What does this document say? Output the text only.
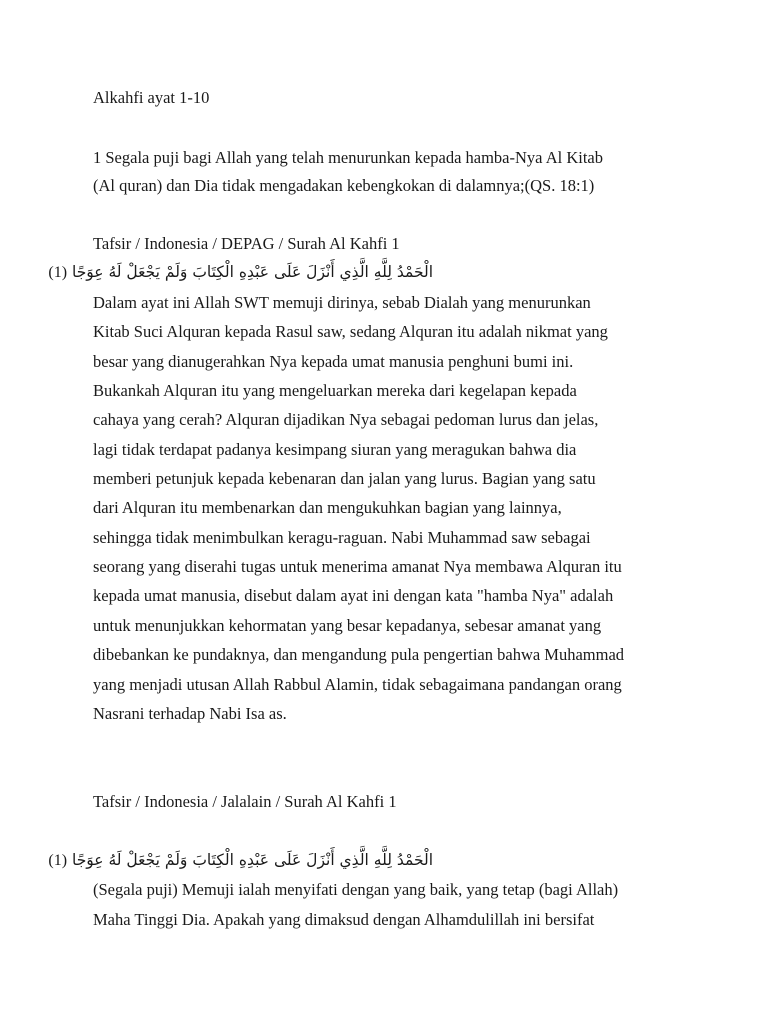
Alkahfi ayat 1-10
1 Segala puji bagi Allah yang telah menurunkan kepada hamba-Nya Al Kitab
(Al quran) dan Dia tidak mengadakan kebengkokan di dalamnya;(QS. 18:1)
Tafsir / Indonesia / DEPAG / Surah Al Kahfi 1
الْحَمْدُ لِلَّهِ الَّذِي أَنْزَلَ عَلَى عَبْدِهِ الْكِتَابَ وَلَمْ يَجْعَلْ لَهُ عِوَجًا (1)
Dalam ayat ini Allah SWT memuji dirinya, sebab Dialah yang menurunkan
Kitab Suci Alquran kepada Rasul saw, sedang Alquran itu adalah nikmat yang
besar yang dianugerahkan Nya kepada umat manusia penghuni bumi ini.
Bukankah Alquran itu yang mengeluarkan mereka dari kegelapan kepada
cahaya yang cerah? Alquran dijadikan Nya sebagai pedoman lurus dan jelas,
lagi tidak terdapat padanya kesimpang siuran yang meragukan bahwa dia
memberi petunjuk kepada kebenaran dan jalan yang lurus. Bagian yang satu
dari Alquran itu membenarkan dan mengukuhkan bagian yang lainnya,
sehingga tidak menimbulkan keragu-raguan. Nabi Muhammad saw sebagai
seorang yang diserahi tugas untuk menerima amanat Nya membawa Alquran itu
kepada umat manusia, disebut dalam ayat ini dengan kata "hamba Nya" adalah
untuk menunjukkan kehormatan yang besar kepadanya, sebesar amanat yang
dibebankan ke pundaknya, dan mengandung pula pengertian bahwa Muhammad
yang menjadi utusan Allah Rabbul Alamin, tidak sebagaimana pandangan orang
Nasrani terhadap Nabi Isa as.
Tafsir / Indonesia / Jalalain / Surah Al Kahfi 1
الْحَمْدُ لِلَّهِ الَّذِي أَنْزَلَ عَلَى عَبْدِهِ الْكِتَابَ وَلَمْ يَجْعَلْ لَهُ عِوَجًا (1)
(Segala puji) Memuji ialah menyifati dengan yang baik, yang tetap (bagi Allah)
Maha Tinggi Dia. Apakah yang dimaksud dengan Alhamdulillah ini bersifat
